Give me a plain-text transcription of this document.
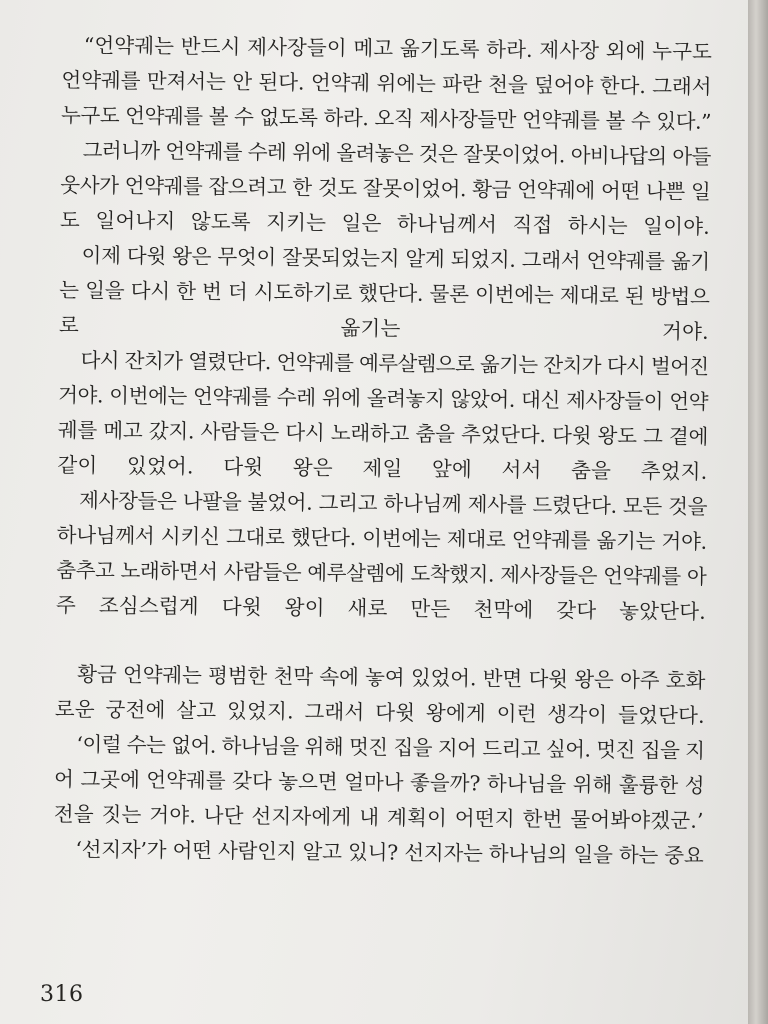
“언약궤는 반드시 제사장들이 메고 옮기도록 하라. 제사장 외에 누구도
언약궤를 만져서는 안 된다. 언약궤 위에는 파란 천을 덮어야 한다. 그래서
누구도 언약궤를 볼 수 없도록 하라. 오직 제사장들만 언약궤를 볼 수 있다.”

그러니까 언약궤를 수레 위에 올려놓은 것은 잘못이었어. 아비나답의 아들
웃사가 언약궤를 잡으려고 한 것도 잘못이었어. 황금 언약궤에 어떤 나쁜 일
도 일어나지 않도록 지키는 일은 하나님께서 직접 하시는 일이야.

이제 다윗 왕은 무엇이 잘못되었는지 알게 되었지. 그래서 언약궤를 옮기
는 일을 다시 한 번 더 시도하기로 했단다. 물론 이번에는 제대로 된 방법으
로 옮기는 거야.

다시 잔치가 열렸단다. 언약궤를 예루살렘으로 옮기는 잔치가 다시 벌어진
거야. 이번에는 언약궤를 수레 위에 올려놓지 않았어. 대신 제사장들이 언약
궤를 메고 갔지. 사람들은 다시 노래하고 춤을 추었단다. 다윗 왕도 그 곁에
같이 있었어. 다윗 왕은 제일 앞에 서서 춤을 추었지.

제사장들은 나팔을 불었어. 그리고 하나님께 제사를 드렸단다. 모든 것을
하나님께서 시키신 그대로 했단다. 이번에는 제대로 언약궤를 옮기는 거야.
춤추고 노래하면서 사람들은 예루살렘에 도착했지. 제사장들은 언약궤를 아
주 조심스럽게 다윗 왕이 새로 만든 천막에 갖다 놓았단다.

황금 언약궤는 평범한 천막 속에 놓여 있었어. 반면 다윗 왕은 아주 호화
로운 궁전에 살고 있었지. 그래서 다윗 왕에게 이런 생각이 들었단다.

‘이럴 수는 없어. 하나님을 위해 멋진 집을 지어 드리고 싶어. 멋진 집을 지
어 그곳에 언약궤를 갖다 놓으면 얼마나 좋을까? 하나님을 위해 훌륭한 성
전을 짓는 거야. 나단 선지자에게 내 계획이 어떤지 한번 물어봐야겠군.’

‘선지자’가 어떤 사람인지 알고 있니? 선지자는 하나님의 일을 하는 중요

316
